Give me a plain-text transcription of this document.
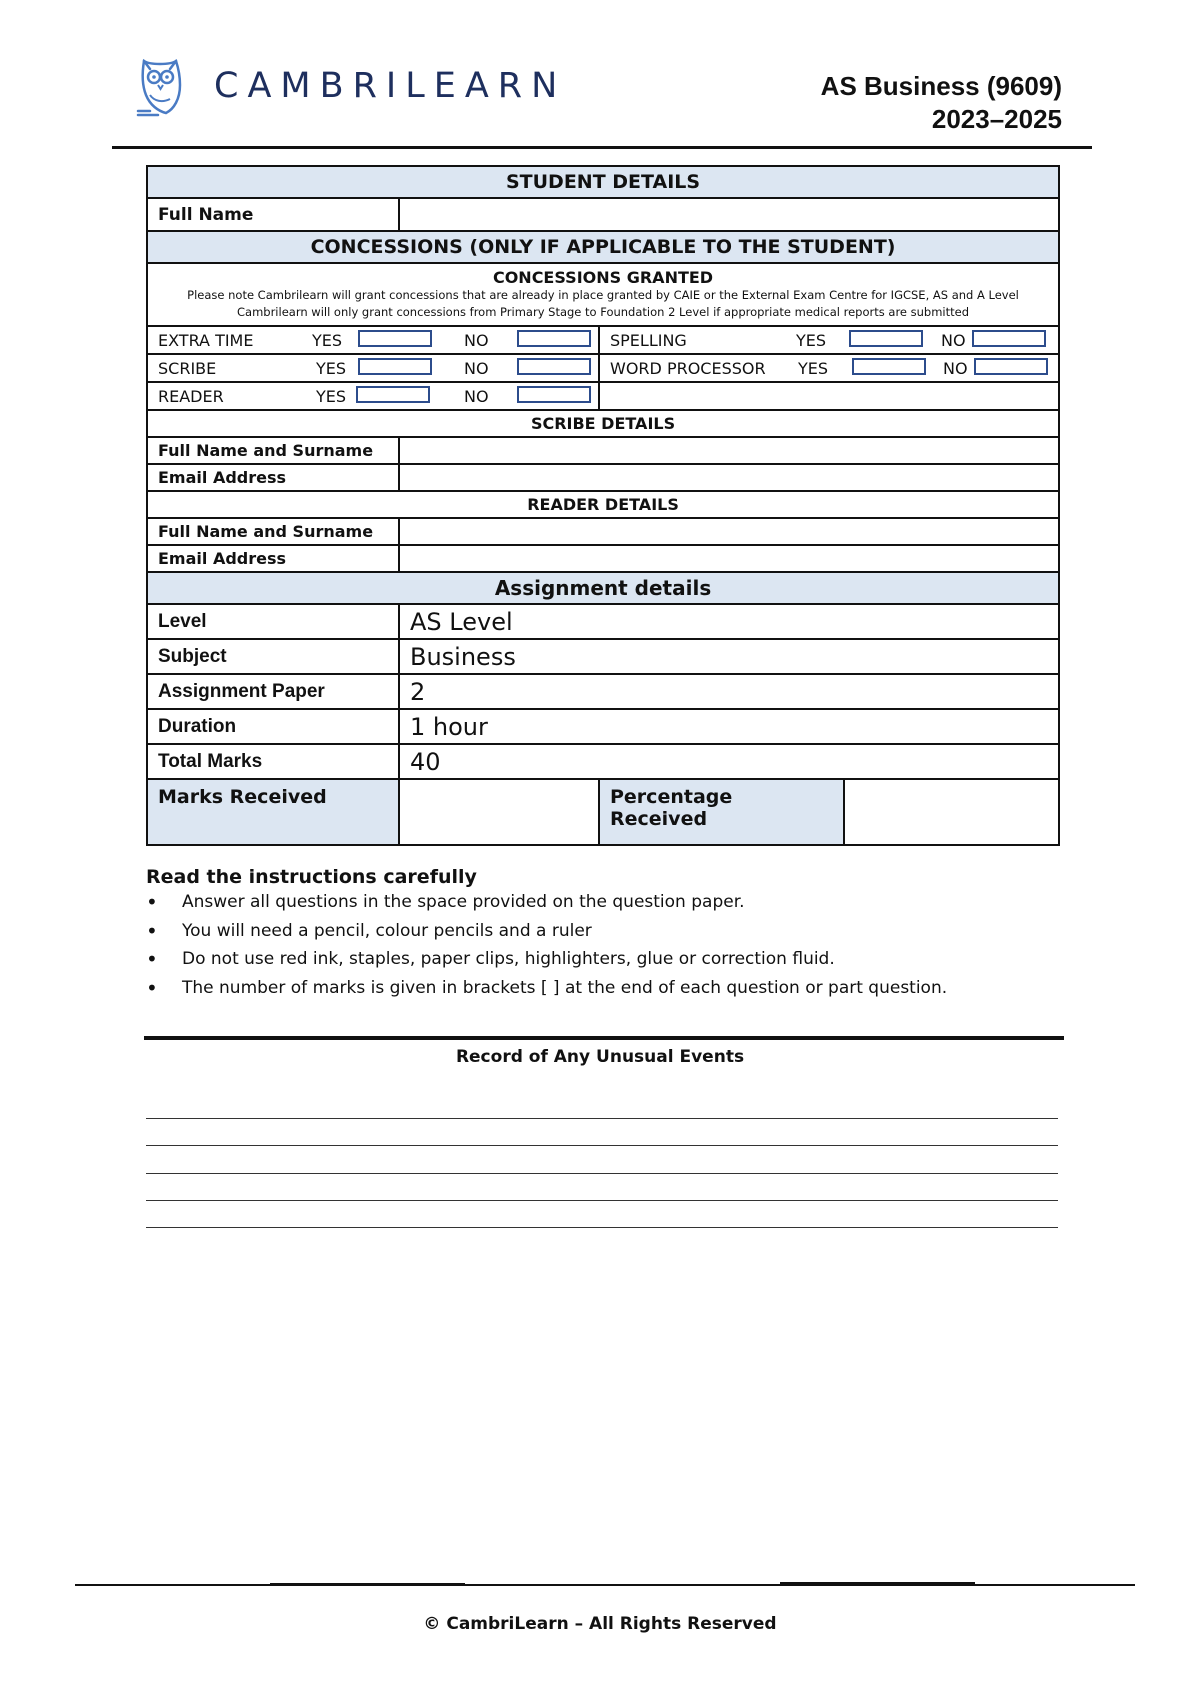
CAMBRILEARN	AS Business (9609)
2023–2025
STUDENT DETAILS			
Full Name			
CONCESSIONS (ONLY IF APPLICABLE TO THE STUDENT)			

CONCESSIONS GRANTED
Please note Cambrilearn will grant concessions that are already in place granted by CAIE or the External Exam Centre for IGCSE, AS and A Level
Cambrilearn will only grant concessions from Primary Stage to Foundation 2 Level if appropriate medical reports are submitted			

EXTRA TIME YES NO		SPELLING YES NO	

SCRIBE YES NO		WORD PROCESSOR YES NO	

READER YES NO			

SCRIBE DETAILS			
Full Name and Surname			
Email Address			
READER DETAILS			
Full Name and Surname			
Email Address			
Assignment details			
Level	AS Level		
Subject	Business		
Assignment Paper	2		
Duration	1 hour		
Total Marks	40		
Marks Received		Percentage Received	
Read the instructions carefully
• Answer all questions in the space provided on the question paper.
• You will need a pencil, colour pencils and a ruler
• Do not use red ink, staples, paper clips, highlighters, glue or correction fluid.
• The number of marks is given in brackets [ ] at the end of each question or part question.
Record of Any Unusual Events
© CambriLearn – All Rights Reserved
